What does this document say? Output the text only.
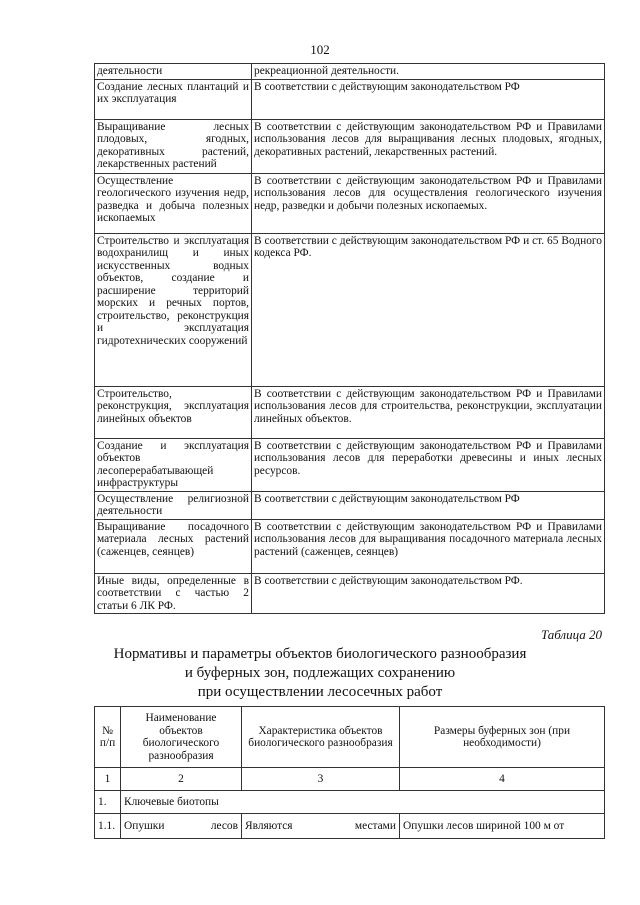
102
деятельности	рекреационной деятельности.
Создание лесных плантаций и их эксплуатация	В соответствии с действующим законодательством РФ
Выращивание лесных плодовых, ягодных, декоративных растений, лекарственных растений	В соответствии с действующим законодательством РФ и Правилами использования лесов для выращивания лесных плодовых, ягодных, декоративных растений, лекарственных растений.
Осуществление геологического изучения недр, разведка и добыча полезных ископаемых	В соответствии с действующим законодательством РФ и Правилами использования лесов для осуществления геологического изучения недр, разведки и добычи полезных ископаемых.
Строительство и эксплуатация водохранилищ и иных искусственных водных объектов, создание и расширение территорий морских и речных портов, строительство, реконструкция и эксплуатация гидротехнических сооружений	В соответствии с действующим законодательством РФ и ст. 65 Водного кодекса РФ.
Строительство, реконструкция, эксплуатация линейных объектов	В соответствии с действующим законодательством РФ и Правилами использования лесов для строительства, реконструкции, эксплуатации линейных объектов.
Создание и эксплуатация объектов лесоперерабатывающей инфраструктуры	В соответствии с действующим законодательством РФ и Правилами использования лесов для переработки древесины и иных лесных ресурсов.
Осуществление религиозной деятельности	В соответствии с действующим законодательством РФ
Выращивание посадочного материала лесных растений (саженцев, сеянцев)	В соответствии с действующим законодательством РФ и Правилами использования лесов для выращивания посадочного материала лесных растений (саженцев, сеянцев)
Иные виды, определенные в соответствии с частью 2 статьи 6 ЛК РФ.	В соответствии с действующим законодательством РФ.
Таблица 20
Нормативы и параметры объектов биологического разнообразия
и буферных зон, подлежащих сохранению
при осуществлении лесосечных работ
№ п/п	Наименование объектов биологического разнообразия	Характеристика объектов биологического разнообразия	Размеры буферных зон (при необходимости)
1	2	3	4
1.	Ключевые биотопы		
1.1.	Опушки лесов	Являются местами	Опушки лесов шириной 100 м от
